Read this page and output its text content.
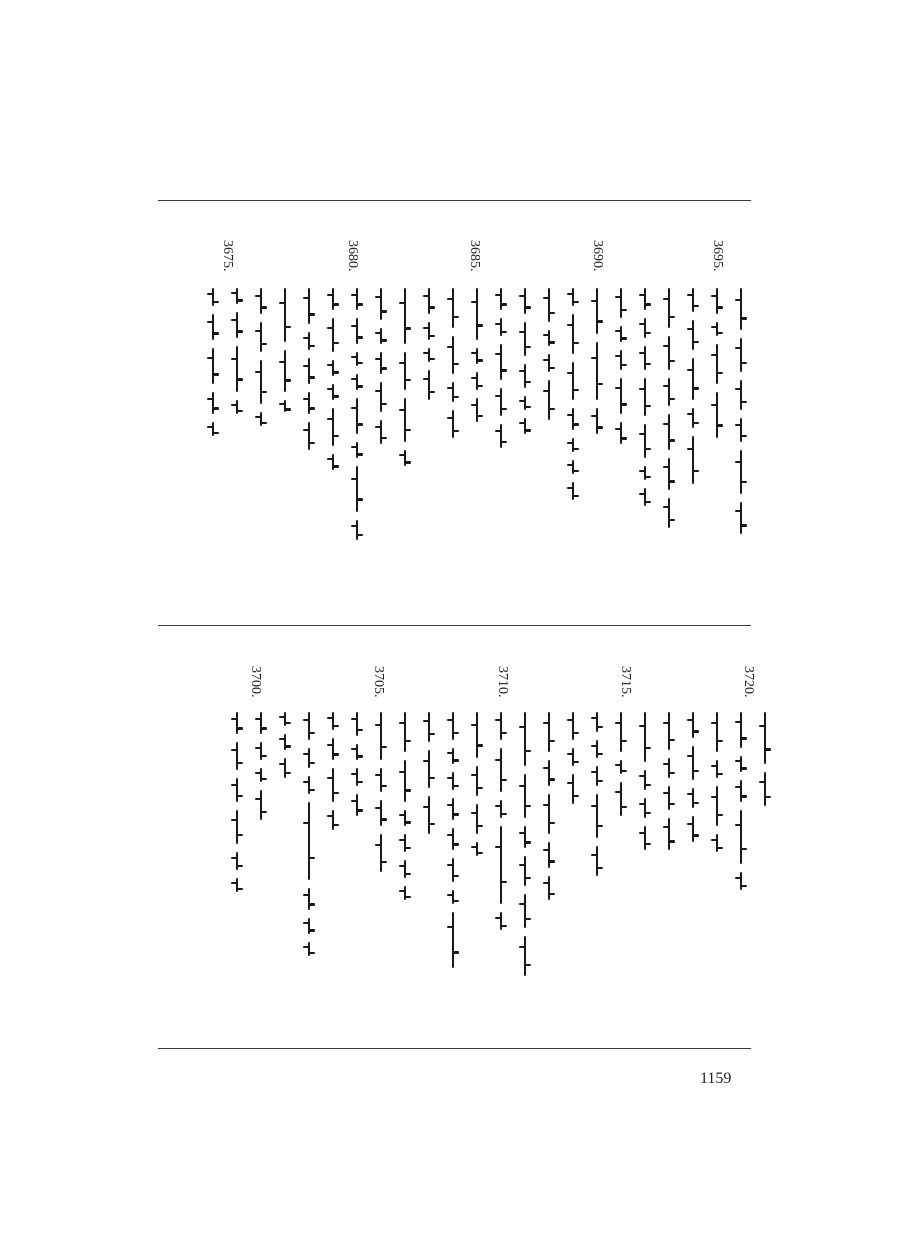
3695.
3690.
3685.
3680.
3675.
3720.
3715.
3710.
3705.
3700.
1159
